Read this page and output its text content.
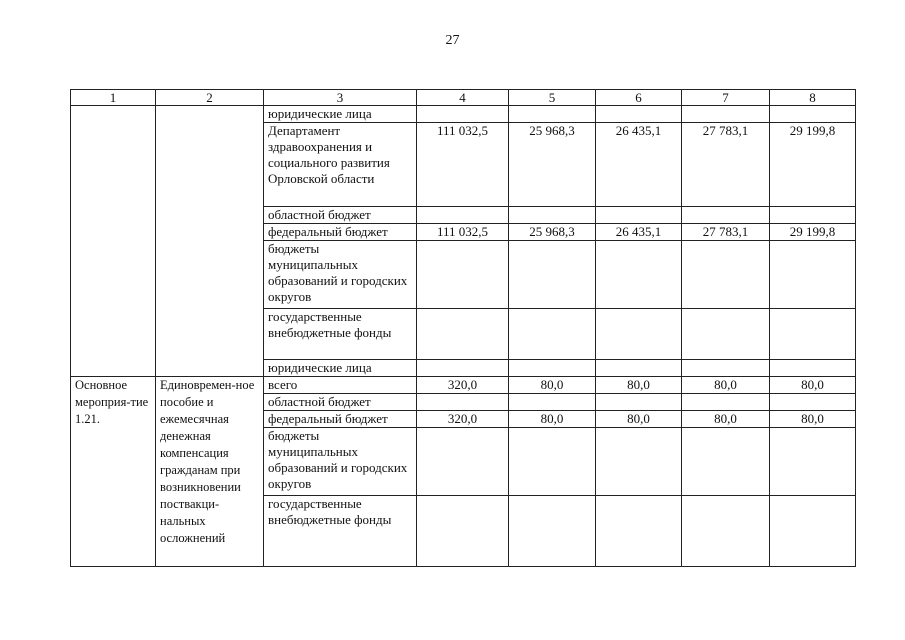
27
1	2	3	4	5	6	7	8
		юридические лица					
		Департамент здравоохранения и социального развития Орловской области	111 032,5	25 968,3	26 435,1	27 783,1	29 199,8
		областной бюджет					
		федеральный бюджет	111 032,5	25 968,3	26 435,1	27 783,1	29 199,8
		бюджеты муниципальных образований и городских округов					
		государственные внебюджетные фонды					
		юридические лица					
Основное мероприя-тие 1.21.	Единовремен-ное пособие и ежемесячная денежная компенсация гражданам при возникновении поствакци-нальных осложнений	всего	320,0	80,0	80,0	80,0	80,0
		областной бюджет					
		федеральный бюджет	320,0	80,0	80,0	80,0	80,0
		бюджеты муниципальных образований и городских округов					
		государственные внебюджетные фонды					
